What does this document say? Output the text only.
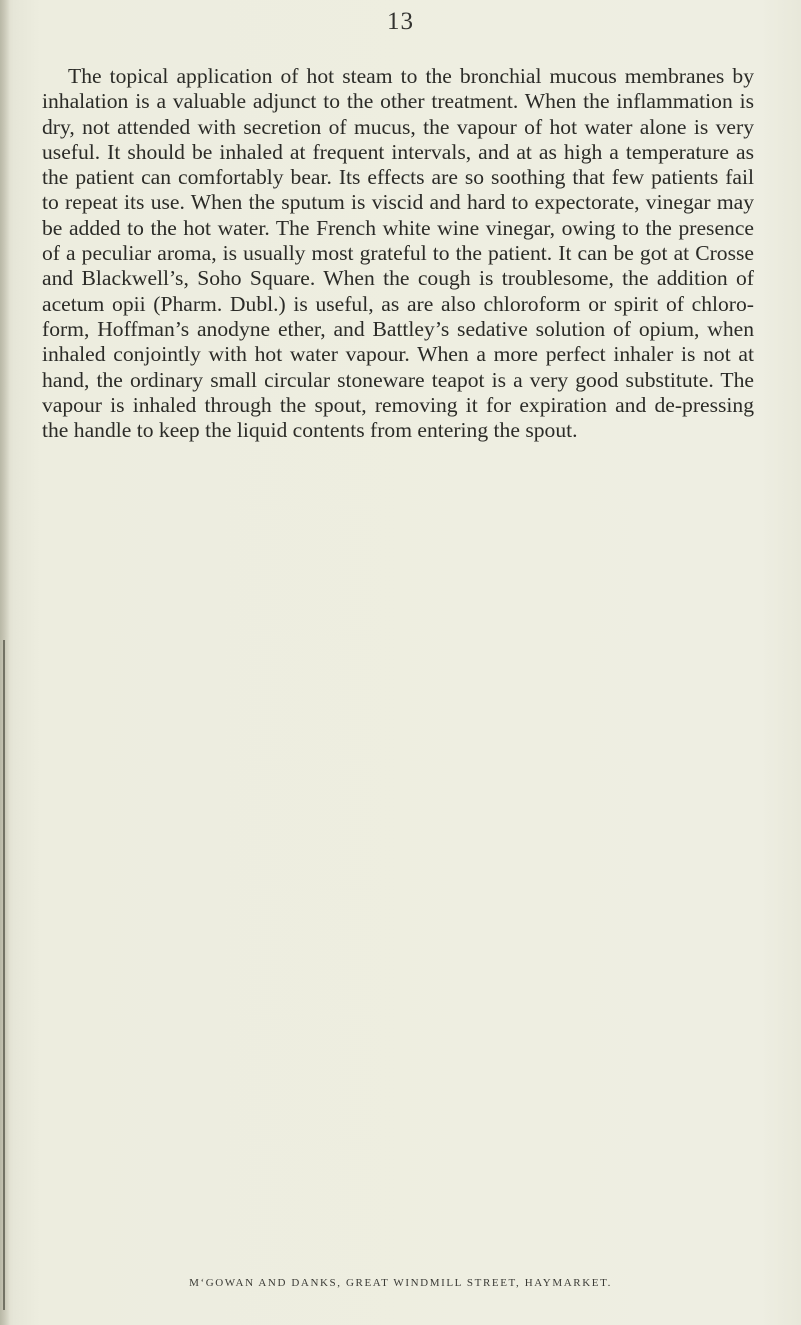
13

The topical application of hot steam to the bronchial mucous membranes by inhalation is a valuable adjunct to the other treatment. When the inflammation is dry, not attended with secretion of mucus, the vapour of hot water alone is very useful. It should be inhaled at frequent intervals, and at as high a temperature as the patient can comfortably bear. Its effects are so soothing that few patients fail to repeat its use. When the sputum is viscid and hard to expectorate, vinegar may be added to the hot water. The French white wine vinegar, owing to the presence of a peculiar aroma, is usually most grateful to the patient. It can be got at Crosse and Blackwell’s, Soho Square. When the cough is troublesome, the addition of acetum opii (Pharm. Dubl.) is useful, as are also chloroform or spirit of chloro-form, Hoffman’s anodyne ether, and Battley’s sedative solution of opium, when inhaled conjointly with hot water vapour. When a more perfect inhaler is not at hand, the ordinary small circular stoneware teapot is a very good substitute. The vapour is inhaled through the spout, removing it for expiration and de-pressing the handle to keep the liquid contents from entering the spout.

M‘GOWAN AND DANKS, GREAT WINDMILL STREET, HAYMARKET.
